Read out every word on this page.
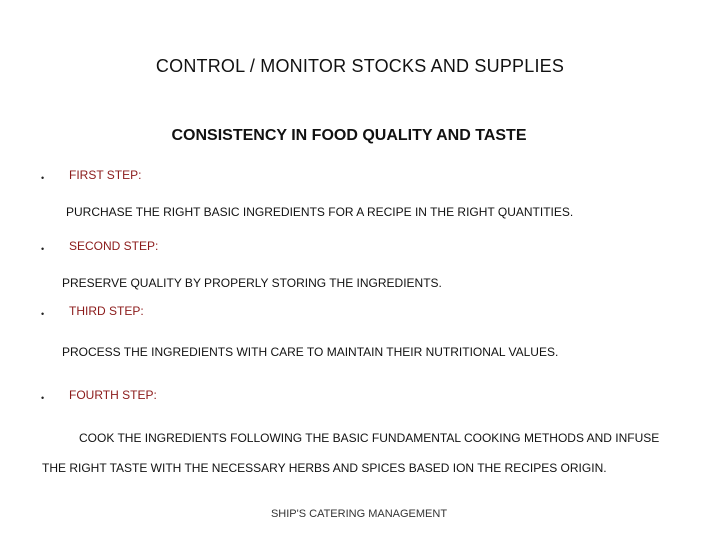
CONTROL / MONITOR STOCKS AND SUPPLIES
CONSISTENCY IN FOOD QUALITY AND TASTE
• FIRST STEP:
PURCHASE THE RIGHT BASIC INGREDIENTS FOR A RECIPE IN THE RIGHT QUANTITIES.
• SECOND STEP:
PRESERVE QUALITY BY PROPERLY STORING THE INGREDIENTS.
• THIRD STEP:
PROCESS THE INGREDIENTS WITH CARE TO MAINTAIN THEIR NUTRITIONAL VALUES.
• FOURTH STEP:
COOK THE INGREDIENTS FOLLOWING THE BASIC FUNDAMENTAL COOKING METHODS AND INFUSE
THE RIGHT TASTE WITH THE NECESSARY HERBS AND SPICES BASED ION THE RECIPES ORIGIN.
SHIP'S CATERING MANAGEMENT
